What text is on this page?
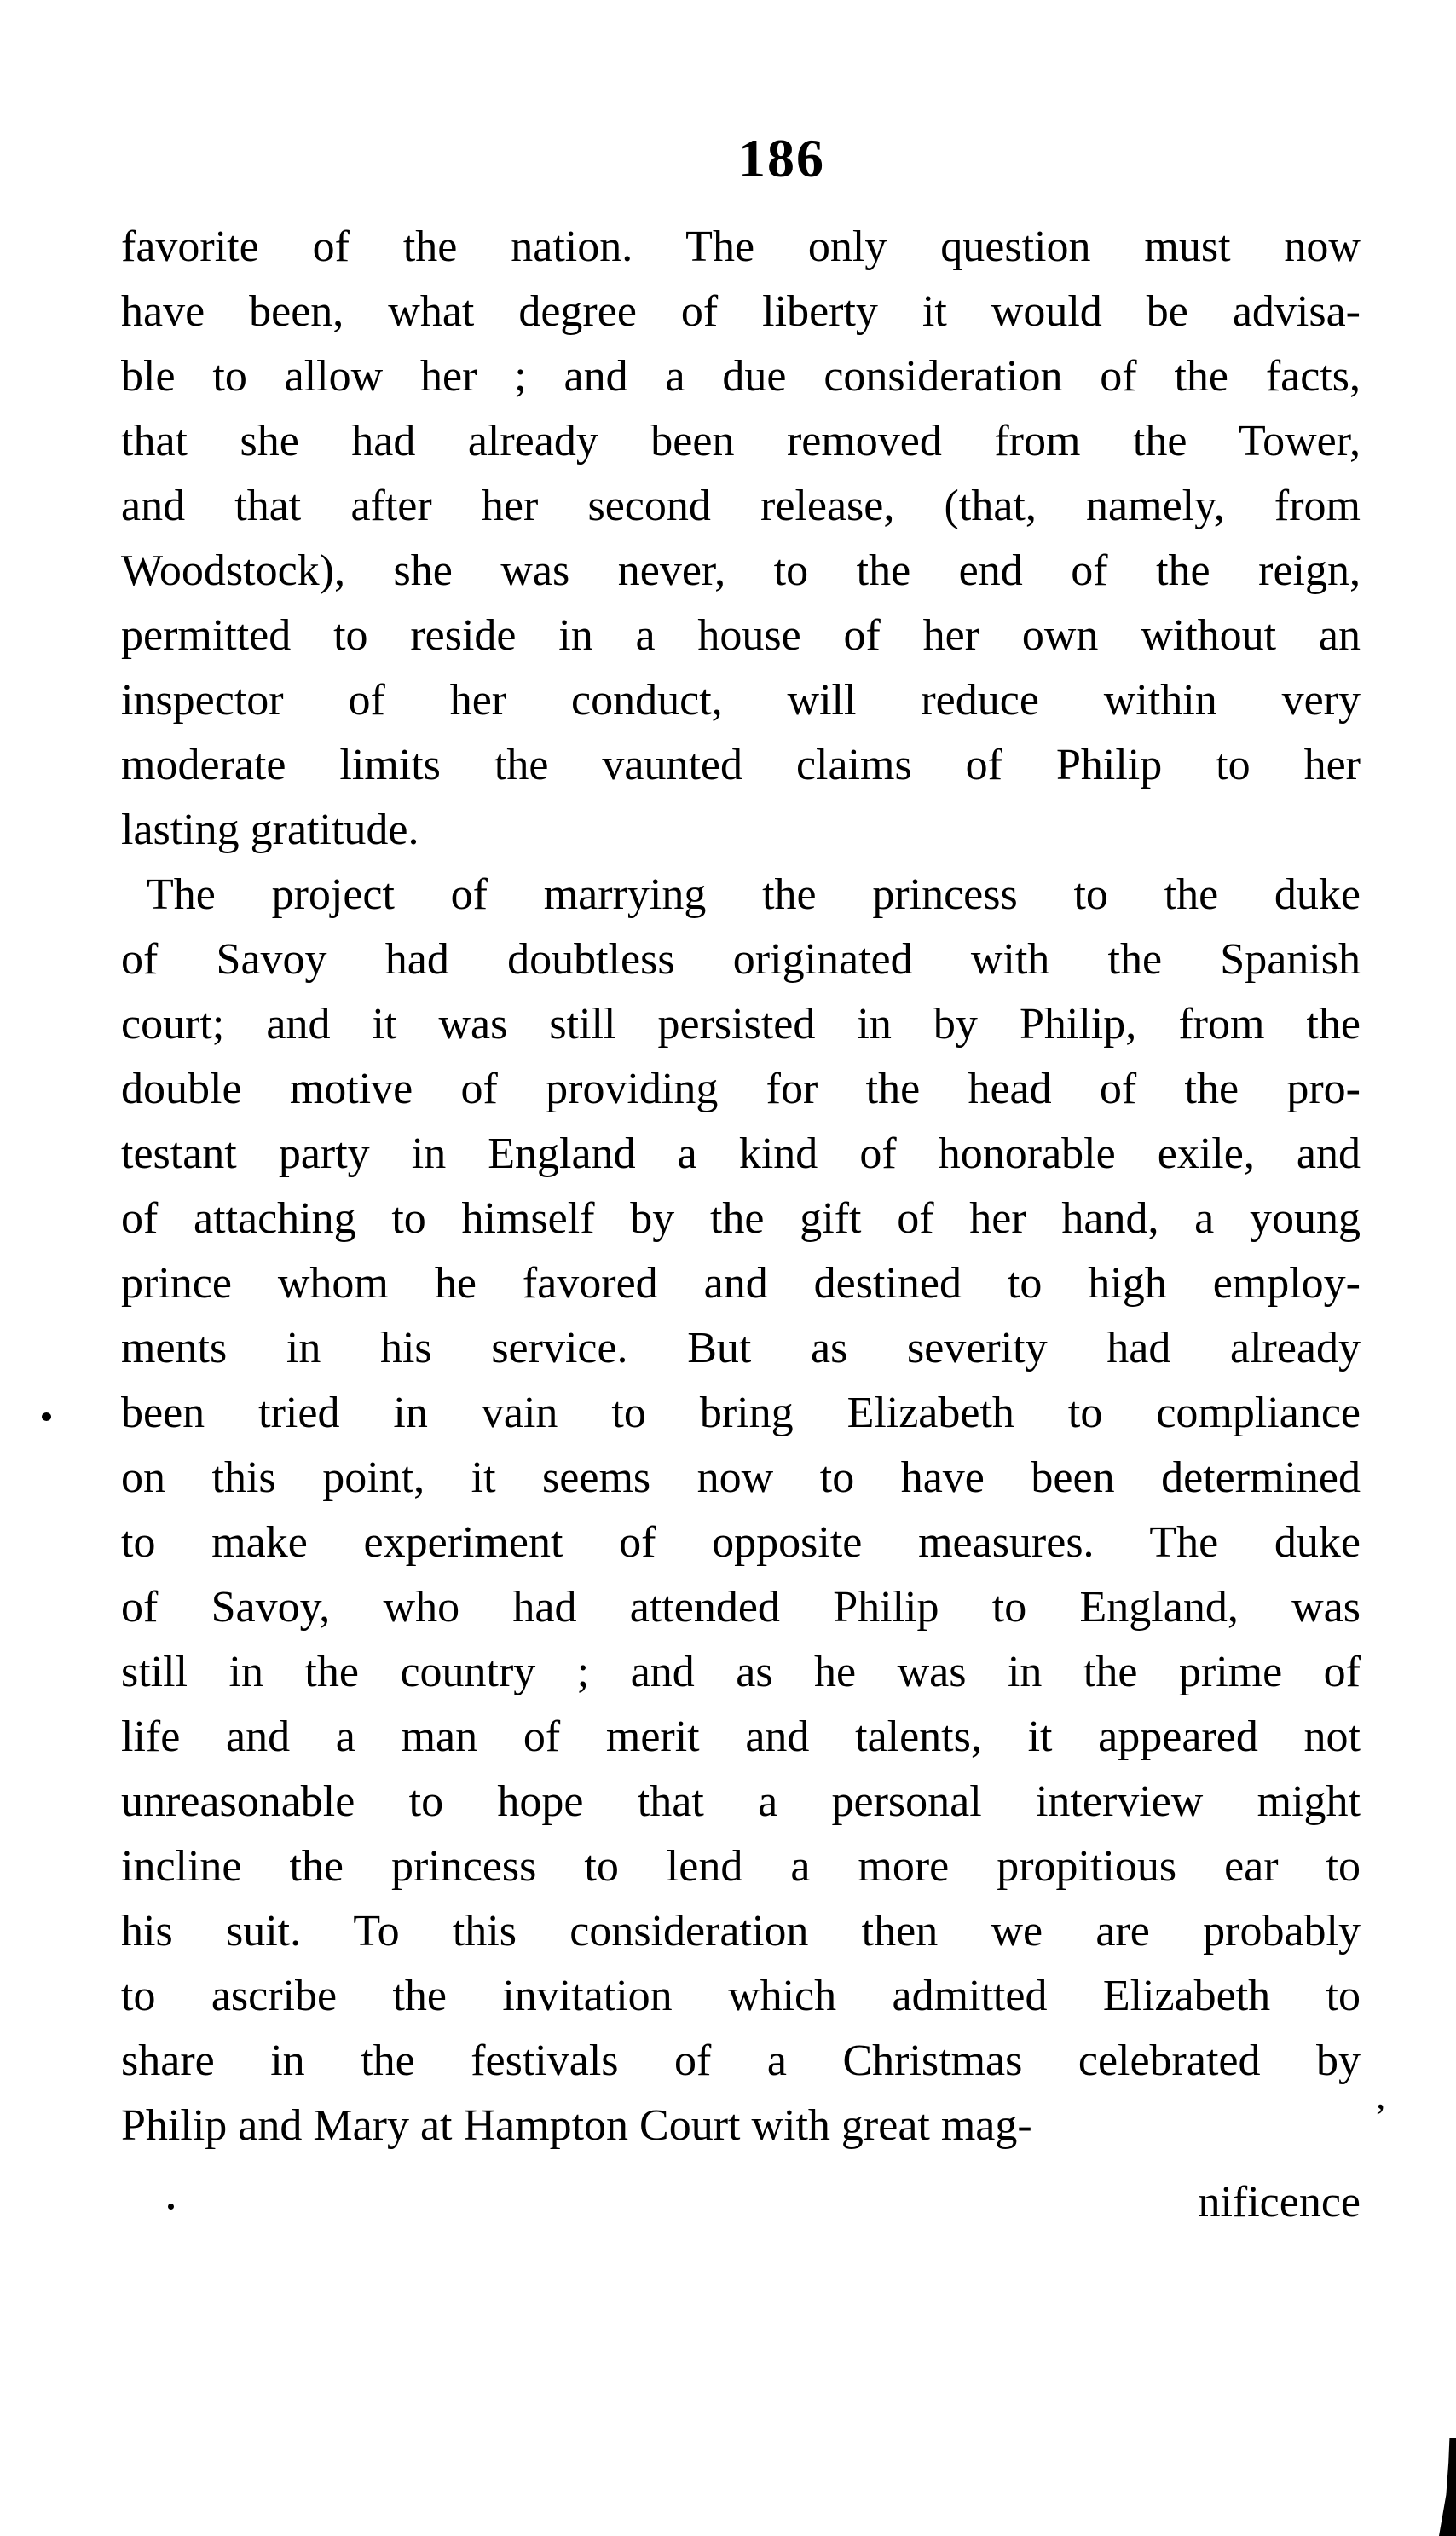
186
favorite of the nation. The only question must now
have been, what degree of liberty it would be advisa-
ble to allow her ; and a due consideration of the facts,
that she had already been removed from the Tower,
and that after her second release, (that, namely, from
Woodstock), she was never, to the end of the reign,
permitted to reside in a house of her own without an
inspector of her conduct, will reduce within very
moderate limits the vaunted claims of Philip to her
lasting gratitude.
The project of marrying the princess to the duke
of Savoy had doubtless originated with the Spanish
court; and it was still persisted in by Philip, from the
double motive of providing for the head of the pro-
testant party in England a kind of honorable exile, and
of attaching to himself by the gift of her hand, a young
prince whom he favored and destined to high employ-
ments in his service. But as severity had already
been tried in vain to bring Elizabeth to compliance
on this point, it seems now to have been determined
to make experiment of opposite measures. The duke
of Savoy, who had attended Philip to England, was
still in the country ; and as he was in the prime of
life and a man of merit and talents, it appeared not
unreasonable to hope that a personal interview might
incline the princess to lend a more propitious ear to
his suit. To this consideration then we are probably
to ascribe the invitation which admitted Elizabeth to
share in the festivals of a Christmas celebrated by
Philip and Mary at Hampton Court with great mag-
nificence
’
